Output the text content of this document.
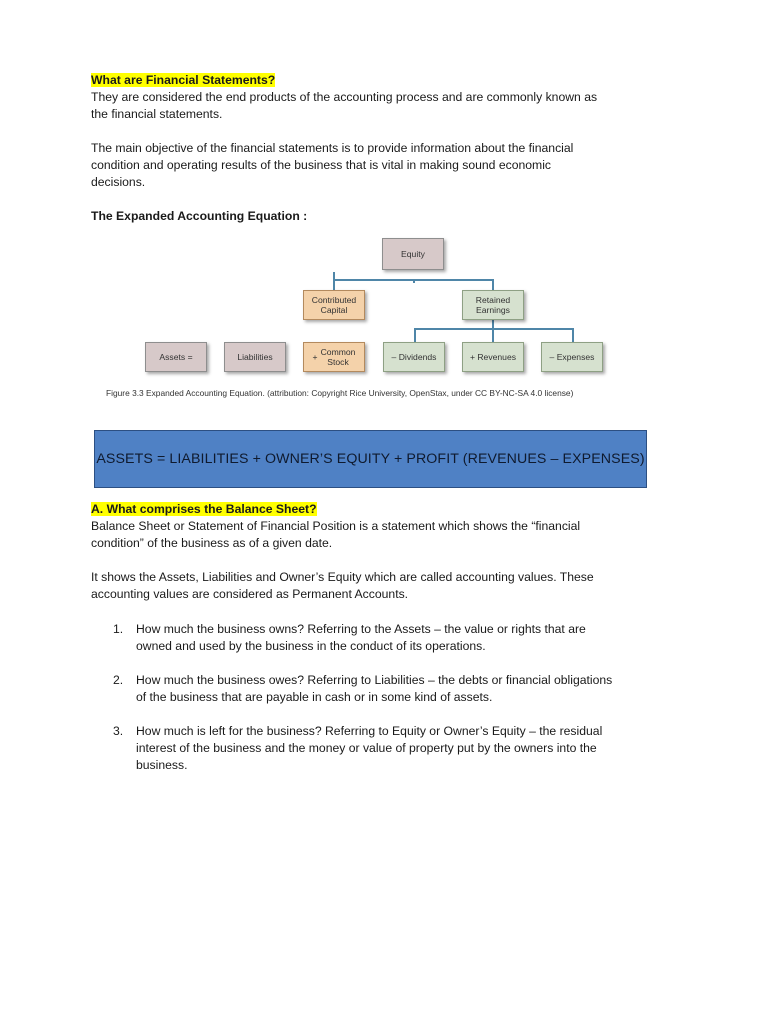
What are Financial Statements?
They are considered the end products of the accounting process and are commonly known as
the financial statements.
The main objective of the financial statements is to provide information about the financial
condition and operating results of the business that is vital in making sound economic
decisions.
The Expanded Accounting Equation :
Equity
Contributed
Capital
Retained
Earnings
Assets =	Liabilities	+ Common
Stock	– Dividends	+ Revenues	– Expenses
Figure 3.3 Expanded Accounting Equation. (attribution: Copyright Rice University, OpenStax, under CC BY-NC-SA 4.0 license)
ASSETS = LIABILITIES + OWNER’S EQUITY + PROFIT (REVENUES – EXPENSES)
A. What comprises the Balance Sheet?
Balance Sheet or Statement of Financial Position is a statement which shows the “financial
condition” of the business as of a given date.
It shows the Assets, Liabilities and Owner’s Equity which are called accounting values. These
accounting values are considered as Permanent Accounts.
1. How much the business owns? Referring to the Assets – the value or rights that are
owned and used by the business in the conduct of its operations.
2. How much the business owes? Referring to Liabilities – the debts or financial obligations
of the business that are payable in cash or in some kind of assets.
3. How much is left for the business? Referring to Equity or Owner’s Equity – the residual
interest of the business and the money or value of property put by the owners into the
business.
